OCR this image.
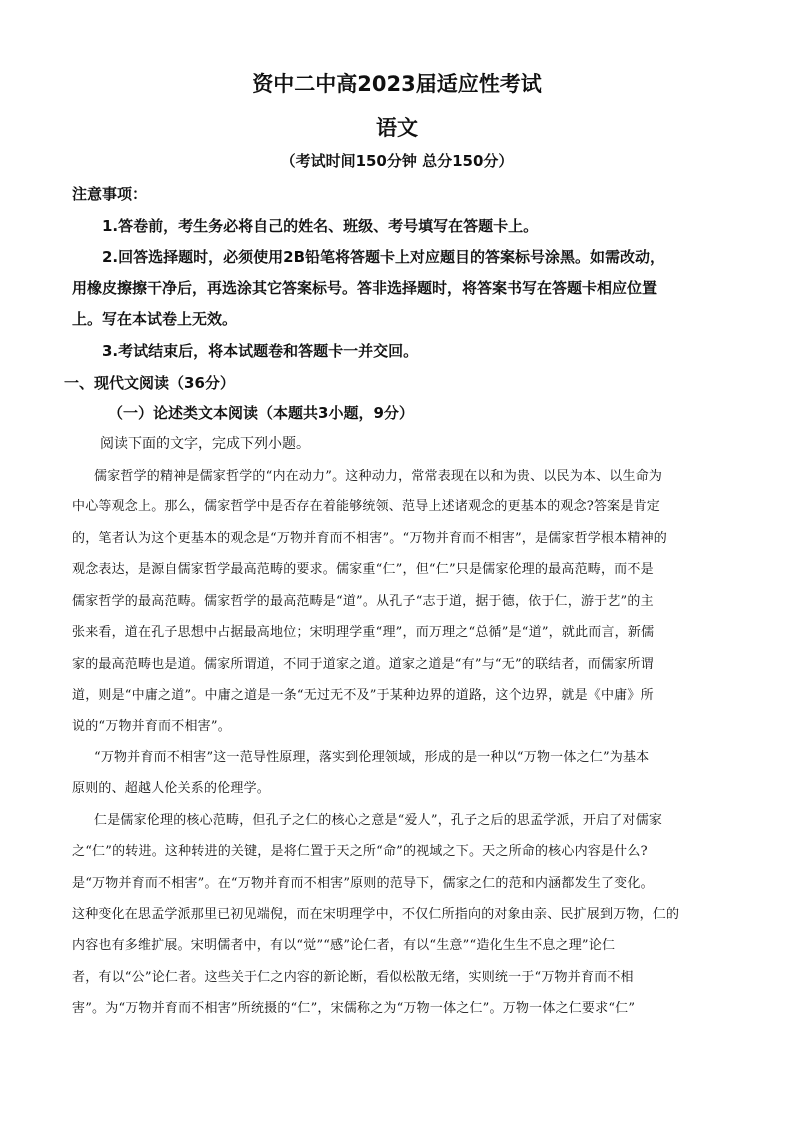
资中二中高2023届适应性考试
语文
（考试时间150分钟 总分150分）
注意事项：
1.答卷前，考生务必将自己的姓名、班级、考号填写在答题卡上。
2.回答选择题时，必须使用2B铅笔将答题卡上对应题目的答案标号涂黑。如需改动，
用橡皮擦擦干净后，再选涂其它答案标号。答非选择题时，将答案书写在答题卡相应位置
上。写在本试卷上无效。
3.考试结束后，将本试题卷和答题卡一并交回。
一、现代文阅读（36分）
（一）论述类文本阅读（本题共3小题，9分）
阅读下面的文字，完成下列小题。
儒家哲学的精神是儒家哲学的“内在动力”。这种动力，常常表现在以和为贵、以民为本、以生命为
中心等观念上。那么，儒家哲学中是否存在着能够统领、范导上述诸观念的更基本的观念?答案是肯定
的，笔者认为这个更基本的观念是“万物并育而不相害”。“万物并育而不相害”，是儒家哲学根本精神的
观念表达，是源自儒家哲学最高范畴的要求。儒家重“仁”，但“仁”只是儒家伦理的最高范畴，而不是
儒家哲学的最高范畴。儒家哲学的最高范畴是“道”。从孔子“志于道，据于德，依于仁，游于艺”的主
张来看，道在孔子思想中占据最高地位；宋明理学重“理”，而万理之“总循”是“道”，就此而言，新儒
家的最高范畴也是道。儒家所谓道，不同于道家之道。道家之道是“有”与“无”的联结者，而儒家所谓
道，则是“中庸之道”。中庸之道是一条“无过无不及”于某种边界的道路，这个边界，就是《中庸》所
说的“万物并育而不相害”。
“万物并育而不相害”这一范导性原理，落实到伦理领域，形成的是一种以“万物一体之仁”为基本
原则的、超越人伦关系的伦理学。
仁是儒家伦理的核心范畴，但孔子之仁的核心之意是“爱人”，孔子之后的思孟学派，开启了对儒家
之“仁”的转进。这种转进的关键，是将仁置于天之所“命”的视域之下。天之所命的核心内容是什么?
是“万物并育而不相害”。在“万物并育而不相害”原则的范导下，儒家之仁的范和内涵都发生了变化。
这种变化在思孟学派那里已初见端倪，而在宋明理学中，不仅仁所指向的对象由亲、民扩展到万物，仁的
内容也有多维扩展。宋明儒者中，有以“觉”“感”论仁者，有以“生意”“造化生生不息之理”论仁
者，有以“公”论仁者。这些关于仁之内容的新论断，看似松散无绪，实则统一于“万物并育而不相
害”。为“万物并育而不相害”所统摄的“仁”，宋儒称之为“万物一体之仁”。万物一体之仁要求“仁”
